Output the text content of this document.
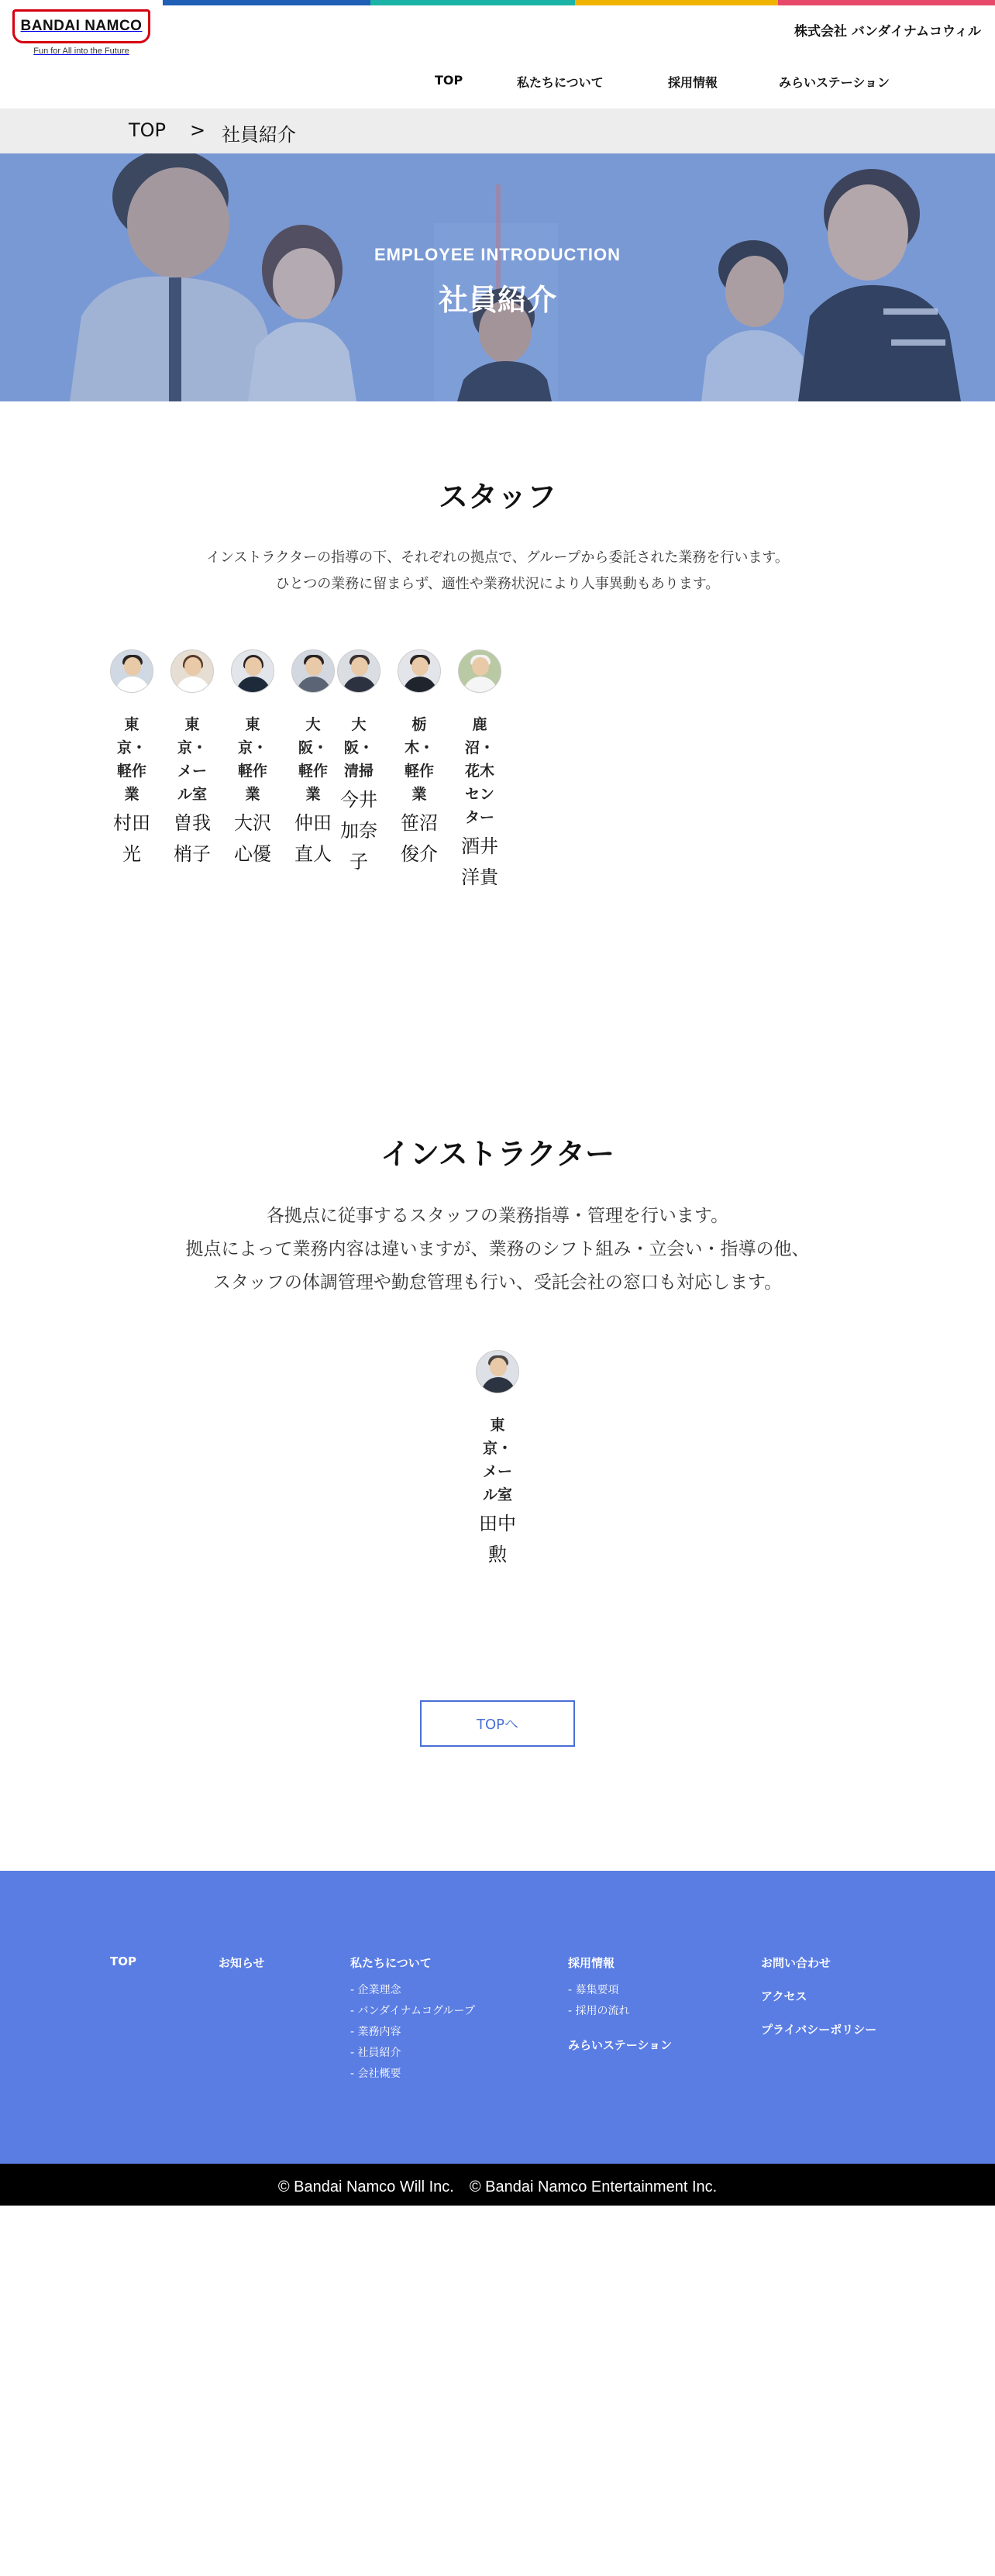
BANDAI NAMCO
Fun for All into the Future
株式会社 バンダイナムコウィル
TOP	私たちについて	採用情報	みらいステーション
TOP > 社員紹介
EMPLOYEE INTRODUCTION
社員紹介
スタッフ

インストラクターの指導の下、それぞれの拠点で、グループから委託された業務を行います。

ひとつの業務に留まらず、適性や業務状況により人事異動もあります。

東京・軽作業
村田光
東京・メール室
曽我梢子
東京・軽作業
大沢心優
大阪・軽作業
仲田直人
大阪・清掃
今井加奈子
栃木・軽作業
笹沼俊介
鹿沼・花木センター
酒井洋貴
インストラクター

各拠点に従事するスタッフの業務指導・管理を行います。

拠点によって業務内容は違いますが、業務のシフト組み・立会い・指導の他、

スタッフの体調管理や勤怠管理も行い、受託会社の窓口も対応します。

東京・メール室
田中勲
TOPへ
TOP	お知らせ	私たちについて
- 企業理念
- バンダイナムコグループ
- 業務内容
- 社員紹介
- 会社概要
採用情報
- 募集要項
- 採用の流れ
みらいステーション
お問い合わせ
アクセス
プライバシーポリシー
© Bandai Namco Will Inc.　© Bandai Namco Entertainment Inc.
